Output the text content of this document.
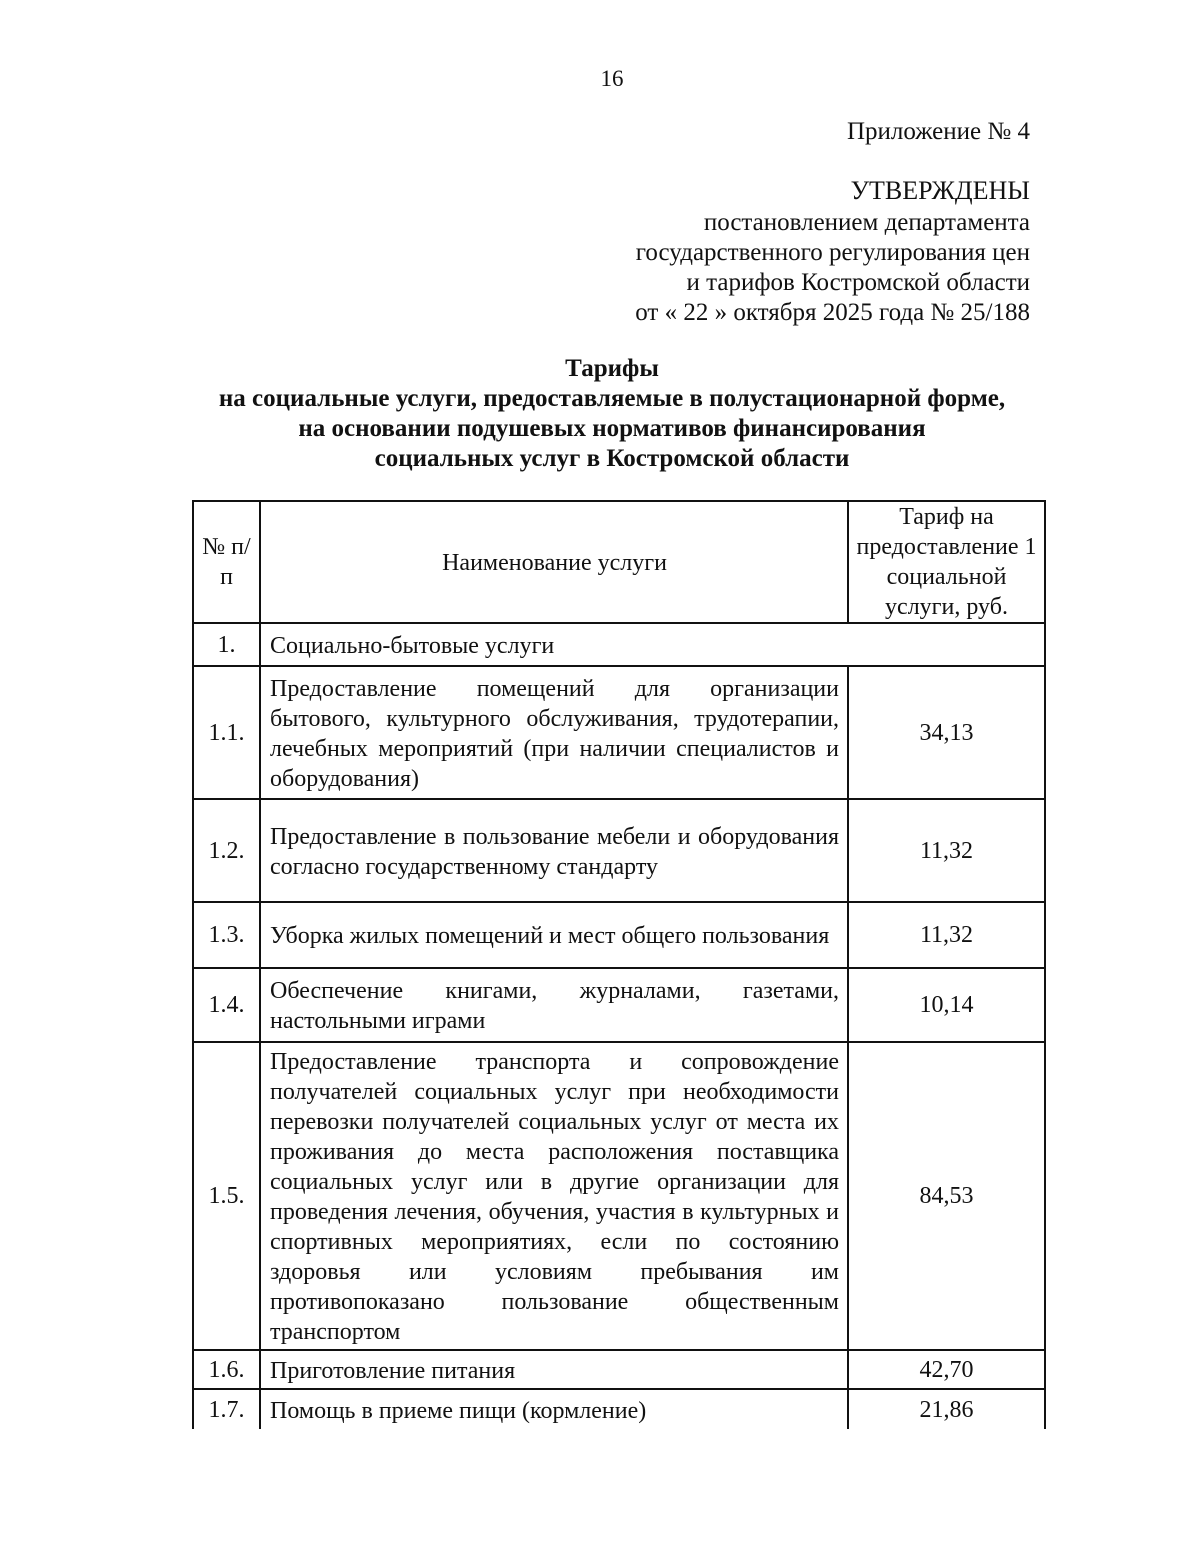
16
Приложение № 4
УТВЕРЖДЕНЫ
постановлением департамента
государственного регулирования цен
и тарифов Костромской области
от « 22 » октября 2025 года № 25/188
Тарифы
на социальные услуги, предоставляемые в полустационарной форме,
на основании подушевых нормативов финансирования
социальных услуг в Костромской области
№ п/п	Наименование услуги	Тариф на предоставление 1 социальной услуги, руб.
1.	Социально-бытовые услуги	
1.1.	Предоставление помещений для организации бытового, культурного обслуживания, трудотерапии, лечебных мероприятий (при наличии специалистов и оборудования)	34,13
1.2.	Предоставление в пользование мебели и оборудования согласно государственному стандарту	11,32
1.3.	Уборка жилых помещений и мест общего пользования	11,32
1.4.	Обеспечение книгами, журналами, газетами, настольными играми	10,14
1.5.	Предоставление транспорта и сопровождение получателей социальных услуг при необходимости перевозки получателей социальных услуг от места их проживания до места расположения поставщика социальных услуг или в другие организации для проведения лечения, обучения, участия в культурных и спортивных мероприятиях, если по состоянию здоровья или условиям пребывания им противопоказано пользование общественным транспортом	84,53
1.6.	Приготовление питания	42,70
1.7.	Помощь в приеме пищи (кормление)	21,86
